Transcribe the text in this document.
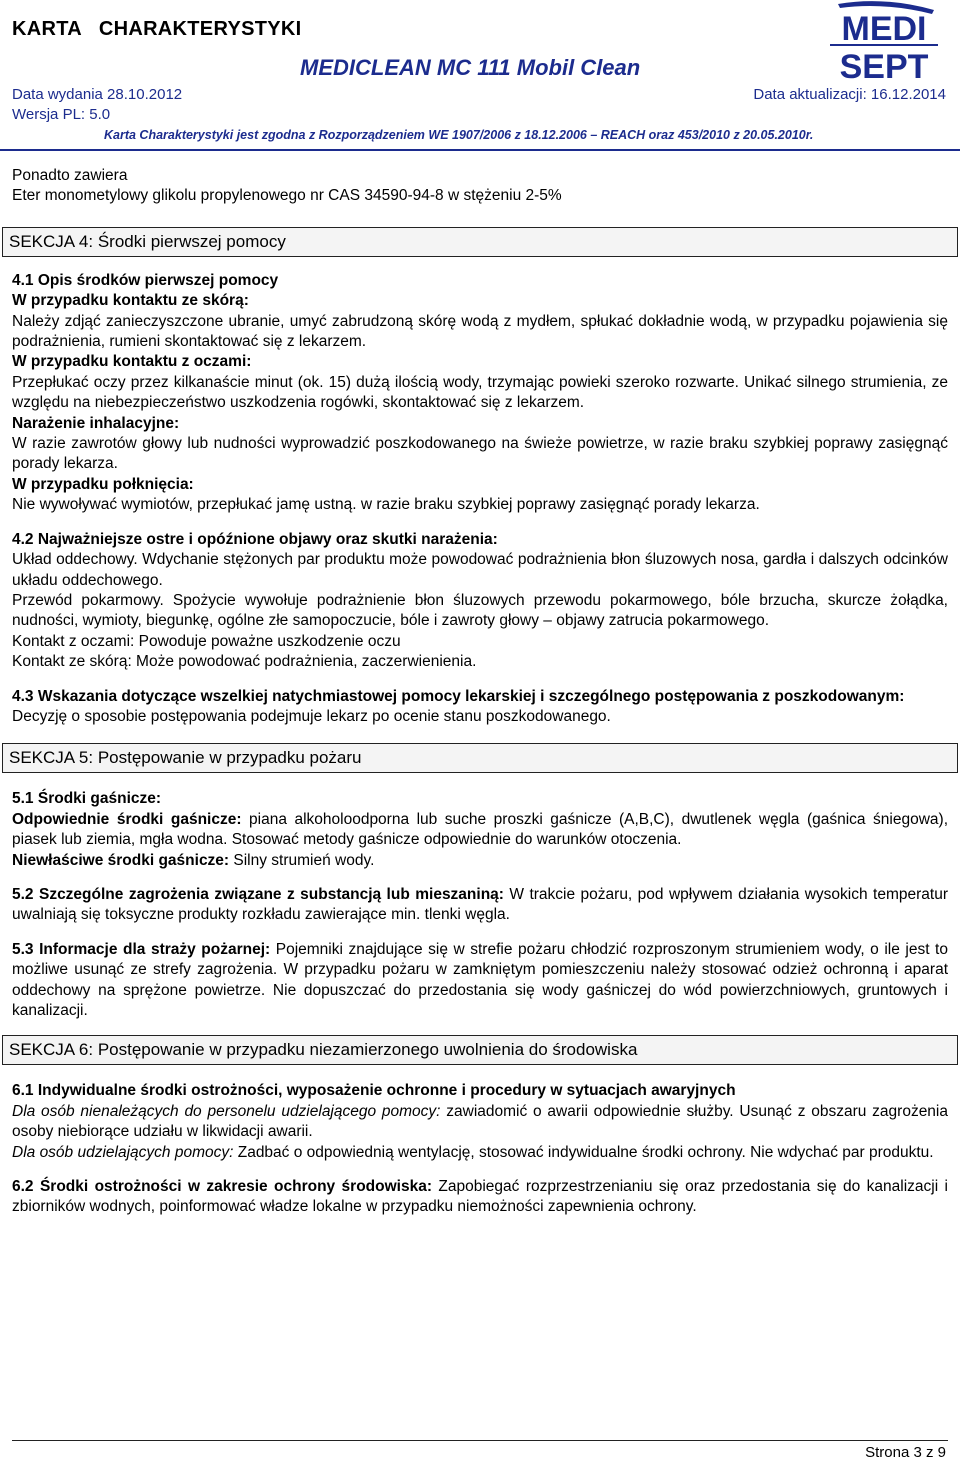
KARTA   CHARAKTERYSTYKI
MEDICLEAN MC 111 Mobil Clean
Data wydania 28.10.2012	Data aktualizacji: 16.12.2014
Wersja PL: 5.0
Karta Charakterystyki jest zgodna z Rozporządzeniem WE 1907/2006 z 18.12.2006 – REACH oraz 453/2010 z 20.05.2010r.
MEDI
SEPT

Ponadto zawiera

Eter monometylowy glikolu propylenowego nr CAS 34590-94-8 w stężeniu 2-5%

SEKCJA 4: Środki pierwszej pomocy

4.1 Opis środków pierwszej pomocy

W przypadku kontaktu ze skórą:

Należy zdjąć zanieczyszczone ubranie, umyć zabrudzoną skórę wodą z mydłem, spłukać dokładnie wodą, w przypadku pojawienia się podrażnienia, rumieni skontaktować się z lekarzem.

W przypadku kontaktu z oczami:

Przepłukać oczy przez kilkanaście minut (ok. 15) dużą ilością wody, trzymając powieki szeroko rozwarte. Unikać silnego strumienia, ze względu na niebezpieczeństwo uszkodzenia rogówki, skontaktować się z lekarzem.

Narażenie inhalacyjne:

W razie zawrotów głowy lub nudności wyprowadzić poszkodowanego na świeże powietrze, w razie braku szybkiej poprawy zasięgnąć porady lekarza.

W przypadku połknięcia:

Nie wywoływać wymiotów, przepłukać jamę ustną. w razie braku szybkiej poprawy zasięgnąć porady lekarza.

4.2 Najważniejsze ostre i opóźnione objawy oraz skutki narażenia:

Układ oddechowy. Wdychanie stężonych par produktu może powodować podrażnienia błon śluzowych nosa, gardła i dalszych odcinków układu oddechowego.

Przewód pokarmowy. Spożycie wywołuje podrażnienie błon śluzowych przewodu pokarmowego, bóle brzucha, skurcze żołądka, nudności, wymioty, biegunkę, ogólne złe samopoczucie, bóle i zawroty głowy – objawy zatrucia pokarmowego.

Kontakt z oczami: Powoduje poważne uszkodzenie oczu

Kontakt ze skórą: Może powodować podrażnienia, zaczerwienienia.

4.3 Wskazania dotyczące wszelkiej natychmiastowej pomocy lekarskiej i szczególnego postępowania z poszkodowanym:

Decyzję o sposobie postępowania podejmuje lekarz po ocenie stanu poszkodowanego.

SEKCJA 5: Postępowanie w przypadku pożaru

5.1 Środki gaśnicze:

Odpowiednie środki gaśnicze: piana alkoholoodporna lub suche proszki gaśnicze (A,B,C), dwutlenek węgla (gaśnica śniegowa), piasek lub ziemia, mgła wodna. Stosować metody gaśnicze odpowiednie do warunków otoczenia.

Niewłaściwe środki gaśnicze: Silny strumień wody.

5.2 Szczególne zagrożenia związane z substancją lub mieszaniną: W trakcie pożaru, pod wpływem działania wysokich temperatur uwalniają się toksyczne produkty rozkładu zawierające min. tlenki węgla.

5.3 Informacje dla straży pożarnej: Pojemniki znajdujące się w strefie pożaru chłodzić rozproszonym strumieniem wody, o ile jest to możliwe usunąć ze strefy zagrożenia. W przypadku pożaru w zamkniętym pomieszczeniu należy stosować odzież ochronną i aparat oddechowy na sprężone powietrze. Nie dopuszczać do przedostania się wody gaśniczej do wód powierzchniowych, gruntowych i kanalizacji.

SEKCJA 6: Postępowanie w przypadku niezamierzonego uwolnienia do środowiska

6.1 Indywidualne środki ostrożności, wyposażenie ochronne i procedury w sytuacjach awaryjnych

Dla osób nienależących do personelu udzielającego pomocy: zawiadomić o awarii odpowiednie służby. Usunąć z obszaru zagrożenia osoby niebiorące udziału w likwidacji awarii.

Dla osób udzielających pomocy: Zadbać o odpowiednią wentylację, stosować indywidualne środki ochrony. Nie wdychać par produktu.

6.2 Środki ostrożności w zakresie ochrony środowiska: Zapobiegać rozprzestrzenianiu się oraz przedostania się do kanalizacji i zbiorników wodnych, poinformować władze lokalne w przypadku niemożności zapewnienia ochrony.

Strona 3 z 9
